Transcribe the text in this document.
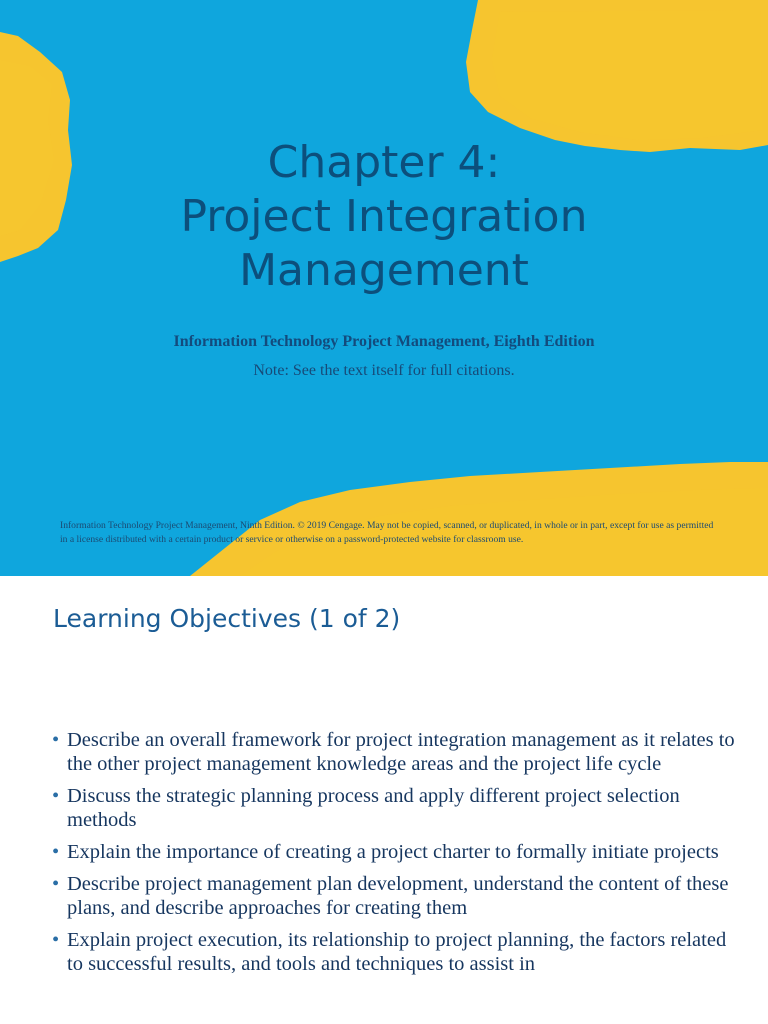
Chapter 4:
Project Integration
Management
Information Technology Project Management, Eighth Edition
Note: See the text itself for full citations.
Information Technology Project Management, Ninth Edition. © 2019 Cengage. May not be copied, scanned, or duplicated, in whole or in part, except for use as permitted in a license distributed with a certain product or service or otherwise on a password-protected website for classroom use.
Learning Objectives (1 of 2)
• Describe an overall framework for project integration management as it relates to the other project management knowledge areas and the project life cycle
• Discuss the strategic planning process and apply different project selection methods
• Explain the importance of creating a project charter to formally initiate projects
• Describe project management plan development, understand the content of these plans, and describe approaches for creating them
• Explain project execution, its relationship to project planning, the factors related to successful results, and tools and techniques to assist in
